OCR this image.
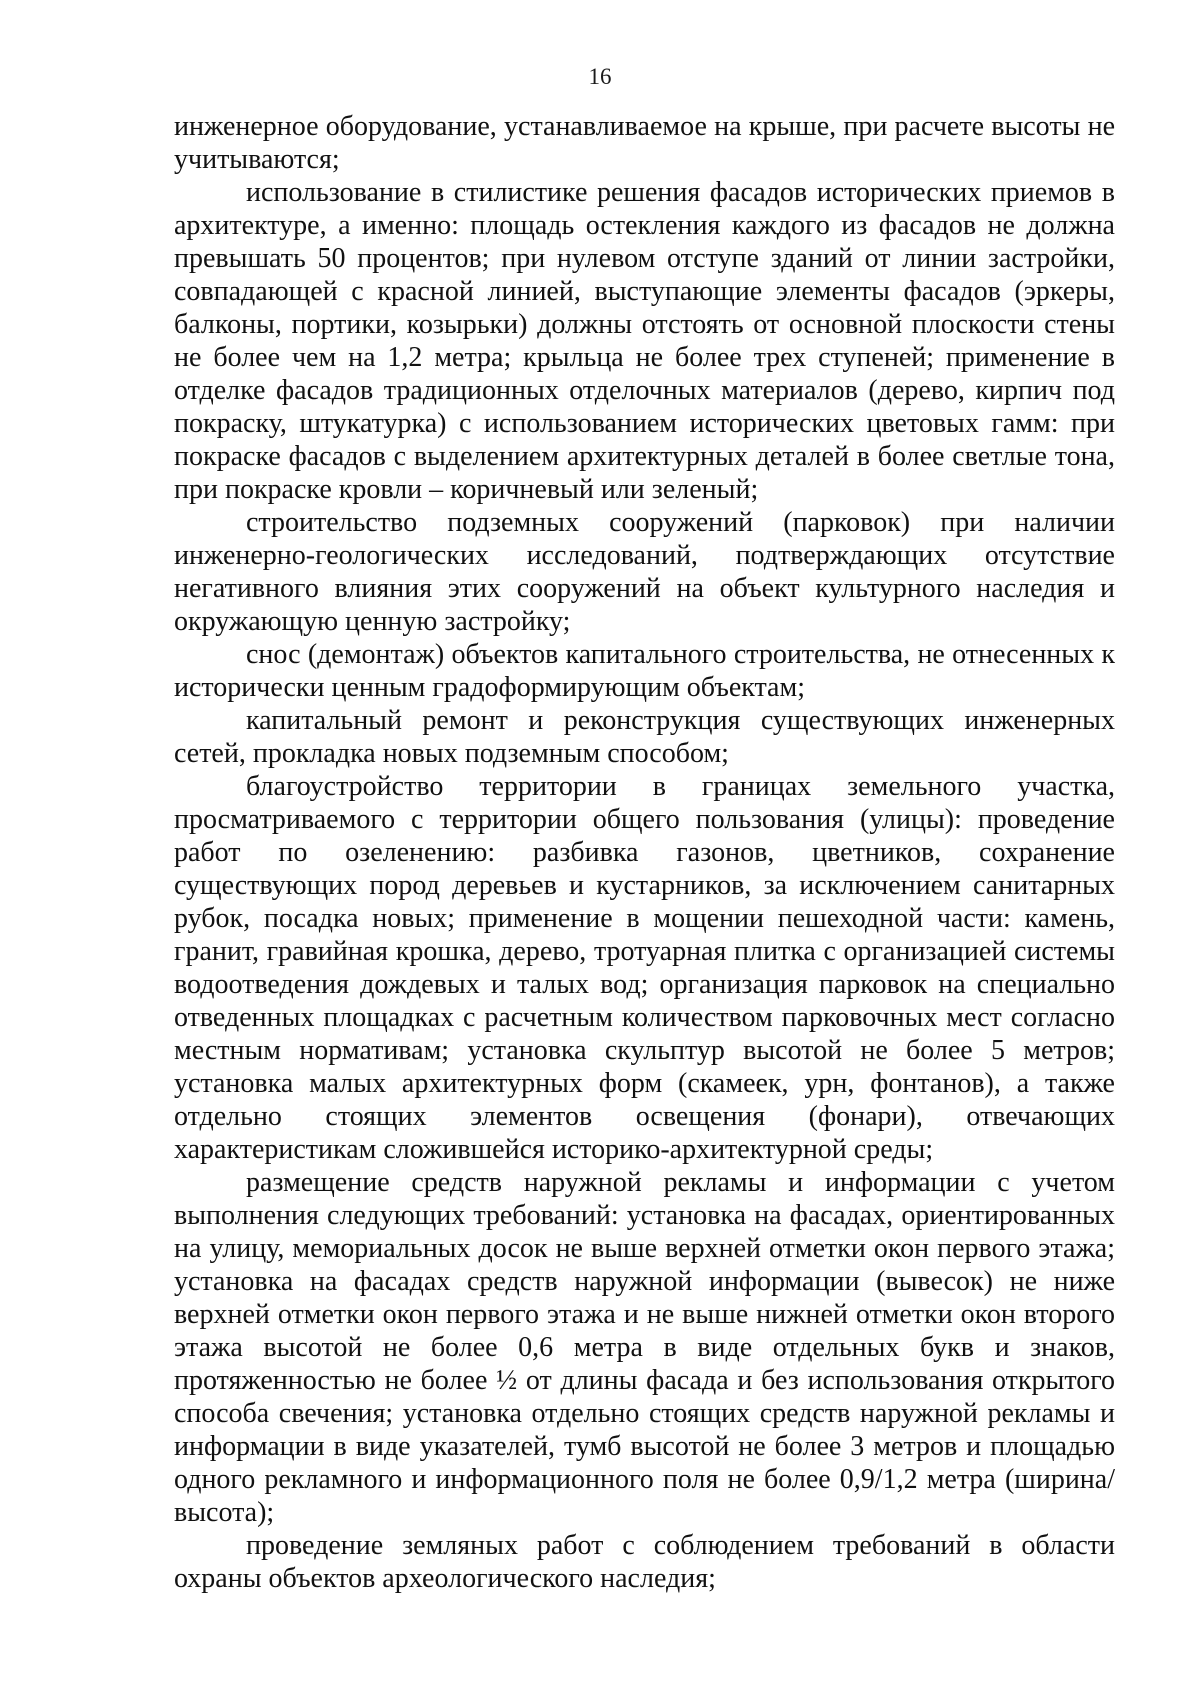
16

инженерное оборудование, устанавливаемое на крыше, при расчете высоты не учитываются;

использование в стилистике решения фасадов исторических приемов в архитектуре, а именно: площадь остекления каждого из фасадов не должна превышать 50 процентов; при нулевом отступе зданий от линии застройки, совпадающей с красной линией, выступающие элементы фасадов (эркеры, балконы, портики, козырьки) должны отстоять от основной плоскости стены не более чем на 1,2 метра; крыльца не более трех ступеней; применение в отделке фасадов традиционных отделочных материалов (дерево, кирпич под покраску, штукатурка) с использованием исторических цветовых гамм: при покраске фасадов с выделением архитектурных деталей в более светлые тона, при покраске кровли – коричневый или зеленый;

строительство подземных сооружений (парковок) при наличии инженерно-геологических исследований, подтверждающих отсутствие негативного влияния этих сооружений на объект культурного наследия и окружающую ценную застройку;

снос (демонтаж) объектов капитального строительства, не отнесенных к исторически ценным градоформирующим объектам;

капитальный ремонт и реконструкция существующих инженерных сетей, прокладка новых подземным способом;

благоустройство территории в границах земельного участка, просматриваемого с территории общего пользования (улицы): проведение работ по озеленению: разбивка газонов, цветников, сохранение существующих пород деревьев и кустарников, за исключением санитарных рубок, посадка новых; применение в мощении пешеходной части: камень, гранит, гравийная крошка, дерево, тротуарная плитка с организацией системы водоотведения дождевых и талых вод; организация парковок на специально отведенных площадках с расчетным количеством парковочных мест согласно местным нормативам; установка скульптур высотой не более 5 метров; установка малых архитектурных форм (скамеек, урн, фонтанов), а также отдельно стоящих элементов освещения (фонари), отвечающих характеристикам сложившейся историко-архитектурной среды;

размещение средств наружной рекламы и информации с учетом выполнения следующих требований: установка на фасадах, ориентированных на улицу, мемориальных досок не выше верхней отметки окон первого этажа; установка на фасадах средств наружной информации (вывесок) не ниже верхней отметки окон первого этажа и не выше нижней отметки окон второго этажа высотой не более 0,6 метра в виде отдельных букв и знаков, протяженностью не более ½ от длины фасада и без использования открытого способа свечения; установка отдельно стоящих средств наружной рекламы и информации в виде указателей, тумб высотой не более 3 метров и площадью одного рекламного и информационного поля не более 0,9/1,2 метра (ширина/высота);

проведение земляных работ с соблюдением требований в области охраны объектов археологического наследия;
